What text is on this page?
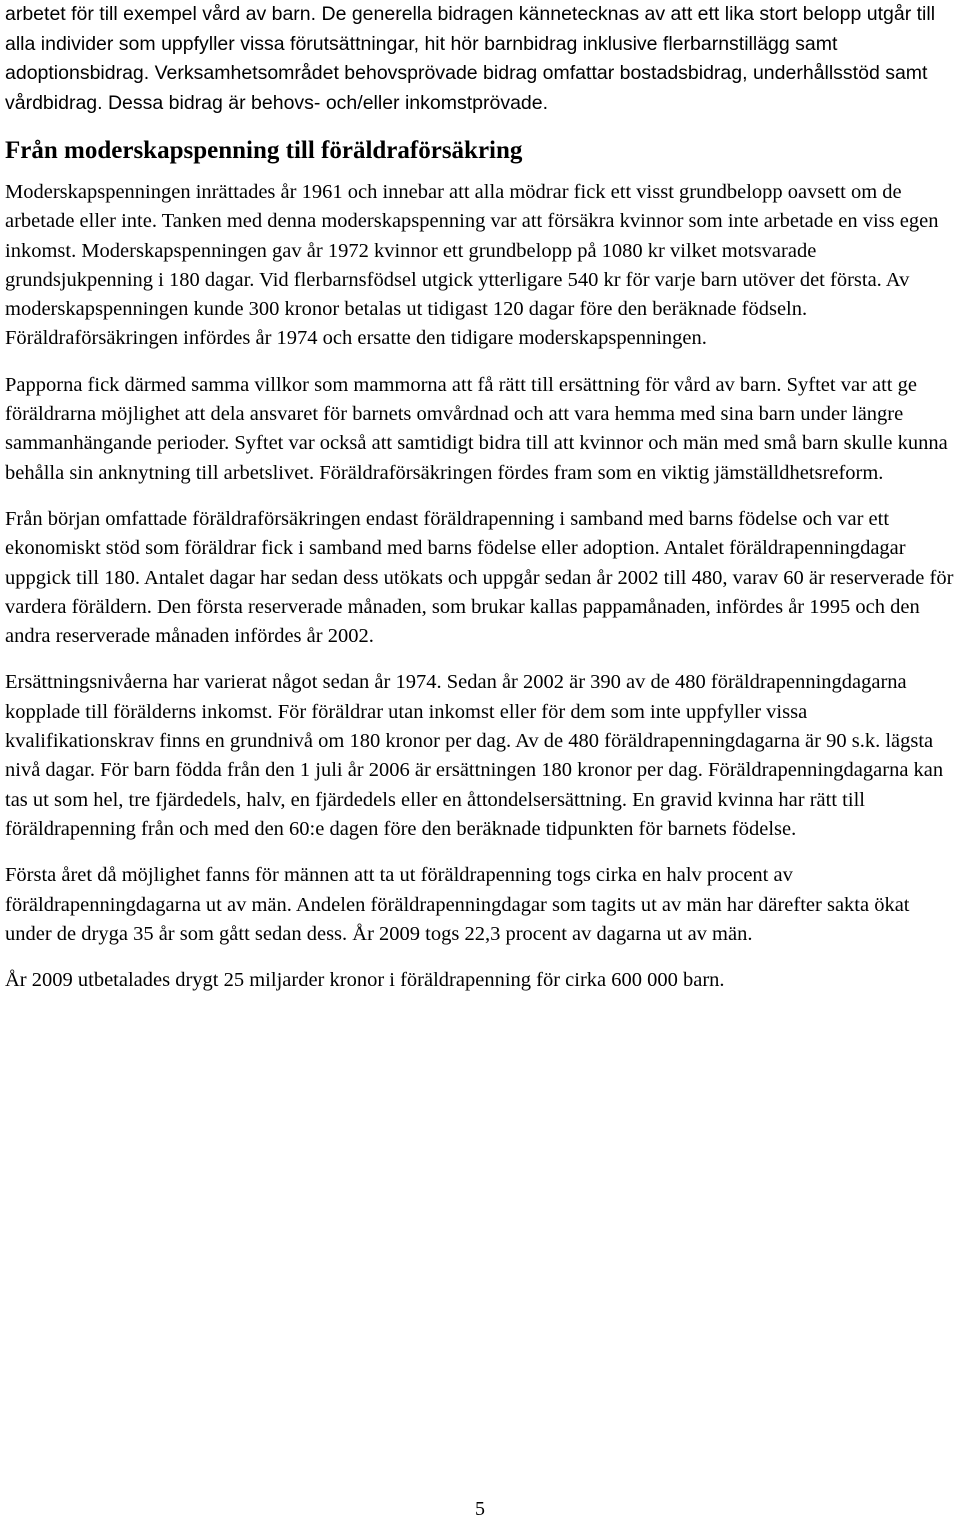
arbetet för till exempel vård av barn. De generella bidragen kännetecknas av att ett lika stort belopp utgår till alla individer som uppfyller vissa förutsättningar, hit hör barnbidrag inklusive flerbarnstillägg samt adoptionsbidrag. Verksamhetsområdet behovsprövade bidrag omfattar bostadsbidrag, underhållsstöd samt vårdbidrag. Dessa bidrag är behovs- och/eller inkomstprövade.

Från moderskapspenning till föräldraförsäkring

Moderskapspenningen inrättades år 1961 och innebar att alla mödrar fick ett visst grundbelopp oavsett om de arbetade eller inte. Tanken med denna moderskapspenning var att försäkra kvinnor som inte arbetade en viss egen inkomst. Moderskapspenningen gav år 1972 kvinnor ett grundbelopp på 1080 kr vilket motsvarade grundsjukpenning i 180 dagar. Vid flerbarnsfödsel utgick ytterligare 540 kr för varje barn utöver det första. Av moderskapspenningen kunde 300 kronor betalas ut tidigast 120 dagar före den beräknade födseln. Föräldraförsäkringen infördes år 1974 och ersatte den tidigare moderskapspenningen.

Papporna fick därmed samma villkor som mammorna att få rätt till ersättning för vård av barn. Syftet var att ge föräldrarna möjlighet att dela ansvaret för barnets omvårdnad och att vara hemma med sina barn under längre sammanhängande perioder. Syftet var också att samtidigt bidra till att kvinnor och män med små barn skulle kunna behålla sin anknytning till arbetslivet. Föräldraförsäkringen fördes fram som en viktig jämställdhetsreform.

Från början omfattade föräldraförsäkringen endast föräldrapenning i samband med barns födelse och var ett ekonomiskt stöd som föräldrar fick i samband med barns födelse eller adoption. Antalet föräldrapenningdagar uppgick till 180. Antalet dagar har sedan dess utökats och uppgår sedan år 2002 till 480, varav 60 är reserverade för vardera föräldern. Den första reserverade månaden, som brukar kallas pappamånaden, infördes år 1995 och den andra reserverade månaden infördes år 2002.

Ersättningsnivåerna har varierat något sedan år 1974. Sedan år 2002 är 390 av de 480 föräldrapenningdagarna kopplade till förälderns inkomst. För föräldrar utan inkomst eller för dem som inte uppfyller vissa kvalifikationskrav finns en grundnivå om 180 kronor per dag. Av de 480 föräldrapenningdagarna är 90 s.k. lägsta nivå dagar. För barn födda från den 1 juli år 2006 är ersättningen 180 kronor per dag. Föräldrapenningdagarna kan tas ut som hel, tre fjärdedels, halv, en fjärdedels eller en åttondelsersättning. En gravid kvinna har rätt till föräldrapenning från och med den 60:e dagen före den beräknade tidpunkten för barnets födelse.

Första året då möjlighet fanns för männen att ta ut föräldrapenning togs cirka en halv procent av föräldrapenningdagarna ut av män. Andelen föräldrapenningdagar som tagits ut av män har därefter sakta ökat under de dryga 35 år som gått sedan dess. År 2009 togs 22,3 procent av dagarna ut av män.

År 2009 utbetalades drygt 25 miljarder kronor i föräldrapenning för cirka 600 000 barn.

5
